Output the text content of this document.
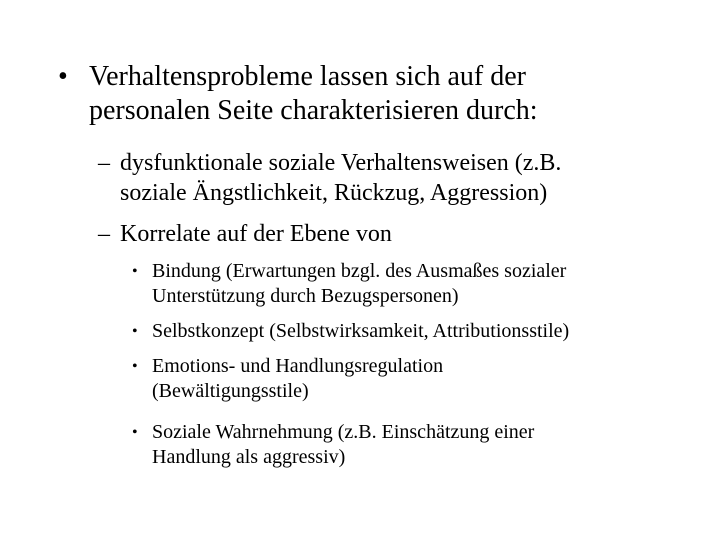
• Verhaltensprobleme lassen sich auf der
personalen Seite charakterisieren durch:
– dysfunktionale soziale Verhaltensweisen (z.B.
soziale Ängstlichkeit, Rückzug, Aggression)
– Korrelate auf der Ebene von
• Bindung (Erwartungen bzgl. des Ausmaßes sozialer
Unterstützung durch Bezugspersonen)
• Selbstkonzept (Selbstwirksamkeit, Attributionsstile)
• Emotions- und Handlungsregulation
(Bewältigungsstile)
• Soziale Wahrnehmung (z.B. Einschätzung einer
Handlung als aggressiv)
